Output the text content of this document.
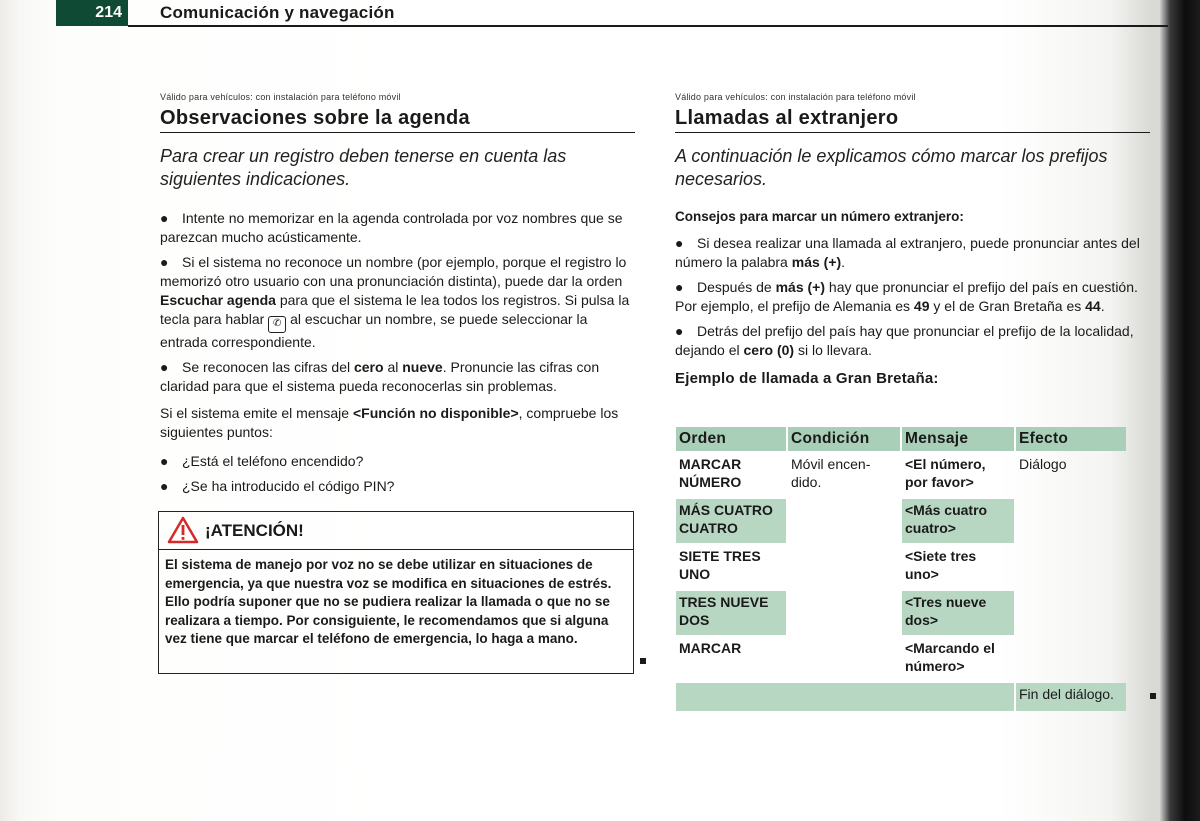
214	Comunicación y navegación

Válido para vehículos: con instalación para teléfono móvil

Observaciones sobre la agenda

Para crear un registro deben tenerse en cuenta las siguientes indicaciones.

● Intente no memorizar en la agenda controlada por voz nombres que se parezcan mucho acústicamente.

● Si el sistema no reconoce un nombre (por ejemplo, porque el registro lo memorizó otro usuario con una pronunciación distinta), puede dar la orden Escuchar agenda para que el sistema le lea todos los registros. Si pulsa la tecla para hablar ✆ al escuchar un nombre, se puede seleccionar la entrada correspondiente.

● Se reconocen las cifras del cero al nueve. Pronuncie las cifras con claridad para que el sistema pueda reconocerlas sin problemas.

Si el sistema emite el mensaje <Función no disponible>, compruebe los siguientes puntos:

● ¿Está el teléfono encendido?

● ¿Se ha introducido el código PIN?

¡ATENCIÓN!

El sistema de manejo por voz no se debe utilizar en situaciones de emergencia, ya que nuestra voz se modifica en situaciones de estrés. Ello podría suponer que no se pudiera realizar la llamada o que no se realizara a tiempo. Por consiguiente, le recomendamos que si alguna vez tiene que marcar el teléfono de emergencia, lo haga a mano.

Válido para vehículos: con instalación para teléfono móvil

Llamadas al extranjero

A continuación le explicamos cómo marcar los prefijos necesarios.

Consejos para marcar un número extranjero:

● Si desea realizar una llamada al extranjero, puede pronunciar antes del número la palabra más (+).

● Después de más (+) hay que pronunciar el prefijo del país en cuestión. Por ejemplo, el prefijo de Alemania es 49 y el de Gran Bretaña es 44.

● Detrás del prefijo del país hay que pronunciar el prefijo de la localidad, dejando el cero (0) si lo llevara.

Ejemplo de llamada a Gran Bretaña:

Orden	Condición	Mensaje	Efecto
MARCAR NÚMERO	Móvil encen-dido.	<El número, por favor>	Diálogo
MÁS CUATRO CUATRO		<Más cuatro cuatro>	
SIETE TRES UNO		<Siete tres uno>	
TRES NUEVE DOS		<Tres nueve dos>	
MARCAR		<Marcando el número>	
			Fin del diálogo.
